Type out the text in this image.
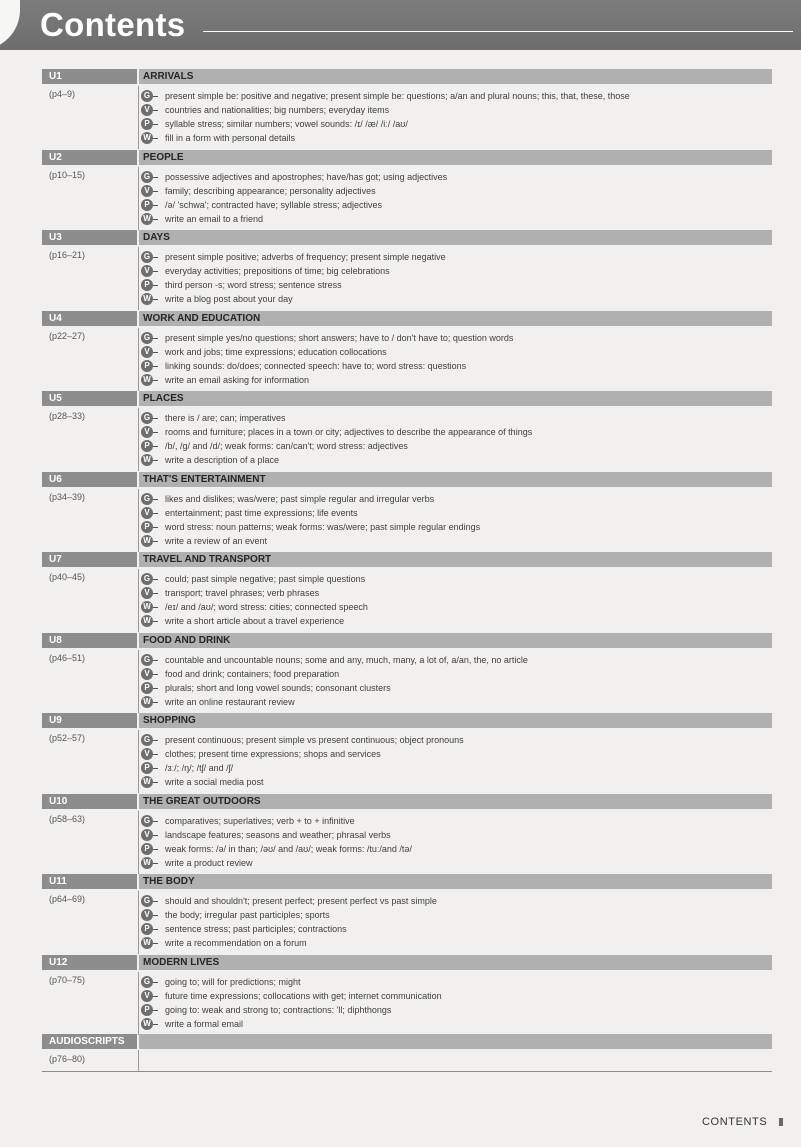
Contents
U1	ARRIVALS
(p4–9)	G	present simple be: positive and negative; present simple be: questions; a/an and plural nouns; this, that, these, those
V	countries and nationalities; big numbers; everyday items
P	syllable stress; similar numbers; vowel sounds: /ɪ/ /æ/ /iː/ /aʊ/
W fill in a form with personal details
U2	PEOPLE
(p10–15)	G	possessive adjectives and apostrophes; have/has got; using adjectives
V	family; describing appearance; personality adjectives
P	/ə/ 'schwa'; contracted have; syllable stress; adjectives
W write an email to a friend
U3	DAYS
(p16–21)	G	present simple positive; adverbs of frequency; present simple negative
V	everyday activities; prepositions of time; big celebrations
P	third person -s; word stress; sentence stress
W write a blog post about your day
U4	WORK AND EDUCATION
(p22–27)	G	present simple yes/no questions; short answers; have to / don't have to; question words
V	work and jobs; time expressions; education collocations
P	linking sounds: do/does; connected speech: have to; word stress: questions
W write an email asking for information
U5	PLACES
(p28–33)	G	there is / are; can; imperatives
V	rooms and furniture; places in a town or city; adjectives to describe the appearance of things
P	/b/, /g/ and /d/; weak forms: can/can't; word stress: adjectives
W write a description of a place
U6	THAT'S ENTERTAINMENT
(p34–39)	G	likes and dislikes; was/were; past simple regular and irregular verbs
V	entertainment; past time expressions; life events
P	word stress: noun patterns; weak forms: was/were; past simple regular endings
W write a review of an event
U7	TRAVEL AND TRANSPORT
(p40–45)	G	could; past simple negative; past simple questions
V	transport; travel phrases; verb phrases
W /eɪ/ and /aʊ/; word stress: cities; connected speech
W write a short article about a travel experience
U8	FOOD AND DRINK
(p46–51)	G	countable and uncountable nouns; some and any, much, many, a lot of, a/an, the, no article
V	food and drink; containers; food preparation
P	plurals; short and long vowel sounds; consonant clusters
W write an online restaurant review
U9	SHOPPING
(p52–57)	G	present continuous; present simple vs present continuous; object pronouns
V	clothes; present time expressions; shops and services
P	/ɜː/; /ŋ/; /tʃ/ and /ʃ/
W write a social media post
U10	THE GREAT OUTDOORS
(p58–63)	G	comparatives; superlatives; verb + to + infinitive
V	landscape features; seasons and weather; phrasal verbs
P	weak forms: /ə/ in than; /əʊ/ and /aʊ/; weak forms: /tuː/and /tə/
W write a product review
U11	THE BODY
(p64–69)	G	should and shouldn't; present perfect; present perfect vs past simple
V	the body; irregular past participles; sports
P	sentence stress; past participles; contractions
W write a recommendation on a forum
U12	MODERN LIVES
(p70–75)	G	going to; will for predictions; might
V	future time expressions; collocations with get; internet communication
P	going to: weak and strong to; contractions: 'll; diphthongs
W write a formal email
AUDIOSCRIPTS
(p76–80)
CONTENTS
